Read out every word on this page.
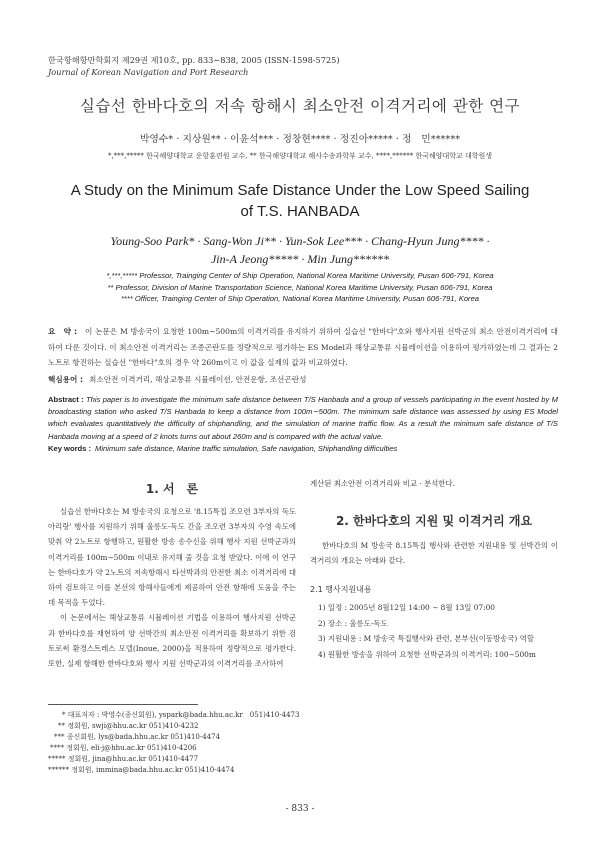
한국항해항만학회지 제29권 제10호, pp. 833∼838, 2005 (ISSN-1598-5725)
Journal of Korean Navigation and Port Research
실습선 한바다호의 저속 항해시 최소안전 이격거리에 관한 연구
박영수* · 지상원** · 이윤석*** · 정창현**** · 정진아***** · 정　민******
*,***,***** 한국해양대학교 운항훈련원 교수, ** 한국해양대학교 해사수송과학부 교수, ****,****** 한국해양대학교 대학원생
A Study on the Minimum Safe Distance Under the Low Speed Sailing
of T.S. HANBADA
Young-Soo Park* · Sang-Won Ji** · Yun-Sok Lee*** · Chang-Hyun Jung**** ·
Jin-A Jeong***** · Min Jung******
*,***,***** Professor, Trainging Center of Ship Operation, National Korea Maritime University, Pusan 606-791, Korea
** Professor, Division of Marine Transportation Science, National Korea Maritime University, Pusan 606-791, Korea
**** Officer, Trainging Center of Ship Operation, National Korea Maritime University, Pusan 606-791, Korea
요　약 : 이 논문은 M 방송국이 요청한 100m∼500m의 이격거리를 유지하기 위하여 실습선 "한바다"호와 행사지원 선박군의 최소 안전이격거리에 대하여 다룬 것이다. 이 최소안전 이격거리는 조종곤란도를 정량적으로 평가하는 ES Model과 해상교통류 시뮬레이션을 이용하여 평가하였는데 그 결과는 2노트로 항진하는 실습선 "한바다"호의 경우 약 260m이고 이 값을 실제의 값과 비교하였다.
핵심용어 : 최소안전 이격거리, 해상교통류 시뮬레이션, 안전운항, 조선곤란성
Abstract : This paper is to investigate the minimum safe distance between T/S Hanbada and a group of vessels participating in the event hosted by M broadcasting station who asked T/S Hanbada to keep a distance from 100m∼500m. The minimum safe distance was assessed by using ES Model which evaluates quantitatively the difficulty of shiphandling, and the simulation of marine traffic flow. As a result the minimum safe distance of T/S Hanbada moving at a speed of 2 knots turns out about 260m and is compared with the actual value.
Key words : Minimum safe distance, Marine traffic simulation, Safe navigation, Shiphandling difficulties
1. 서　론

실습선 한바다호는 M 방송국의 요청으로 '8.15특집 조오련 3부자의 독도아리랑' 행사를 지원하기 위해 울릉도-독도 간을 조오련 3부자의 수영 속도에 맞춰 약 2노트로 항행하고, 원활한 방송 송수신을 위해 행사 지원 선박군과의 이격거리를 100m∼500m 이내로 유지해 줄 것을 요청 받았다. 이에 이 연구는 한바다호가 약 2노트의 저속항해시 타선박과의 안전한 최소 이격거리에 대하여 검토하고 이를 본선의 항해사들에게 제공하여 안전 항해에 도움을 주는데 목적을 두었다.

이 논문에서는 해상교통류 시뮬레이션 기법을 이용하여 행사지원 선박군과 한바다호를 재현하여 양 선박간의 최소안전 이격거리를 확보하기 위한 검토로써 환경스트레스 모델(Inoue, 2000)을 적용하여 정량적으로 평가한다. 또한, 실제 항해한 한바다호와 행사 지원 선박군과의 이격거리를 조사하여

계산된 최소안전 이격거리와 비교 · 분석한다.

2. 한바다호의 지원 및 이격거리 개요

한바다호의 M 방송국 8.15특집 행사와 관련한 지원내용 및 선박간의 이격거리의 개요는 아래와 같다.

2.1 행사지원내용
1) 일정 : 2005년 8월12일 14:00 ∼ 8월 13일 07:00
2) 장소 : 울릉도-독도
3) 지원내용 : M 방송국 특집행사와 관련, 본부선(이동방송국) 역할
4) 원활한 방송을 위하여 요청한 선박군과의 이격거리: 100∼500m
* 대표저자 : 박영수(종신회원), yspark@bada.hhu.ac.kr　051)410-4473
** 정회원, swji@hhu.ac.kr 051)410-4232
*** 종신회원, lys@bada.hhu.ac.kr 051)410-4474
**** 정회원, eli-j@hhu.ac.kr 051)410-4206
***** 정회원, jina@hhu.ac.kr 051)410-4477
****** 정회원, immina@bada.hhu.ac.kr 051)410-4474
- 833 -
